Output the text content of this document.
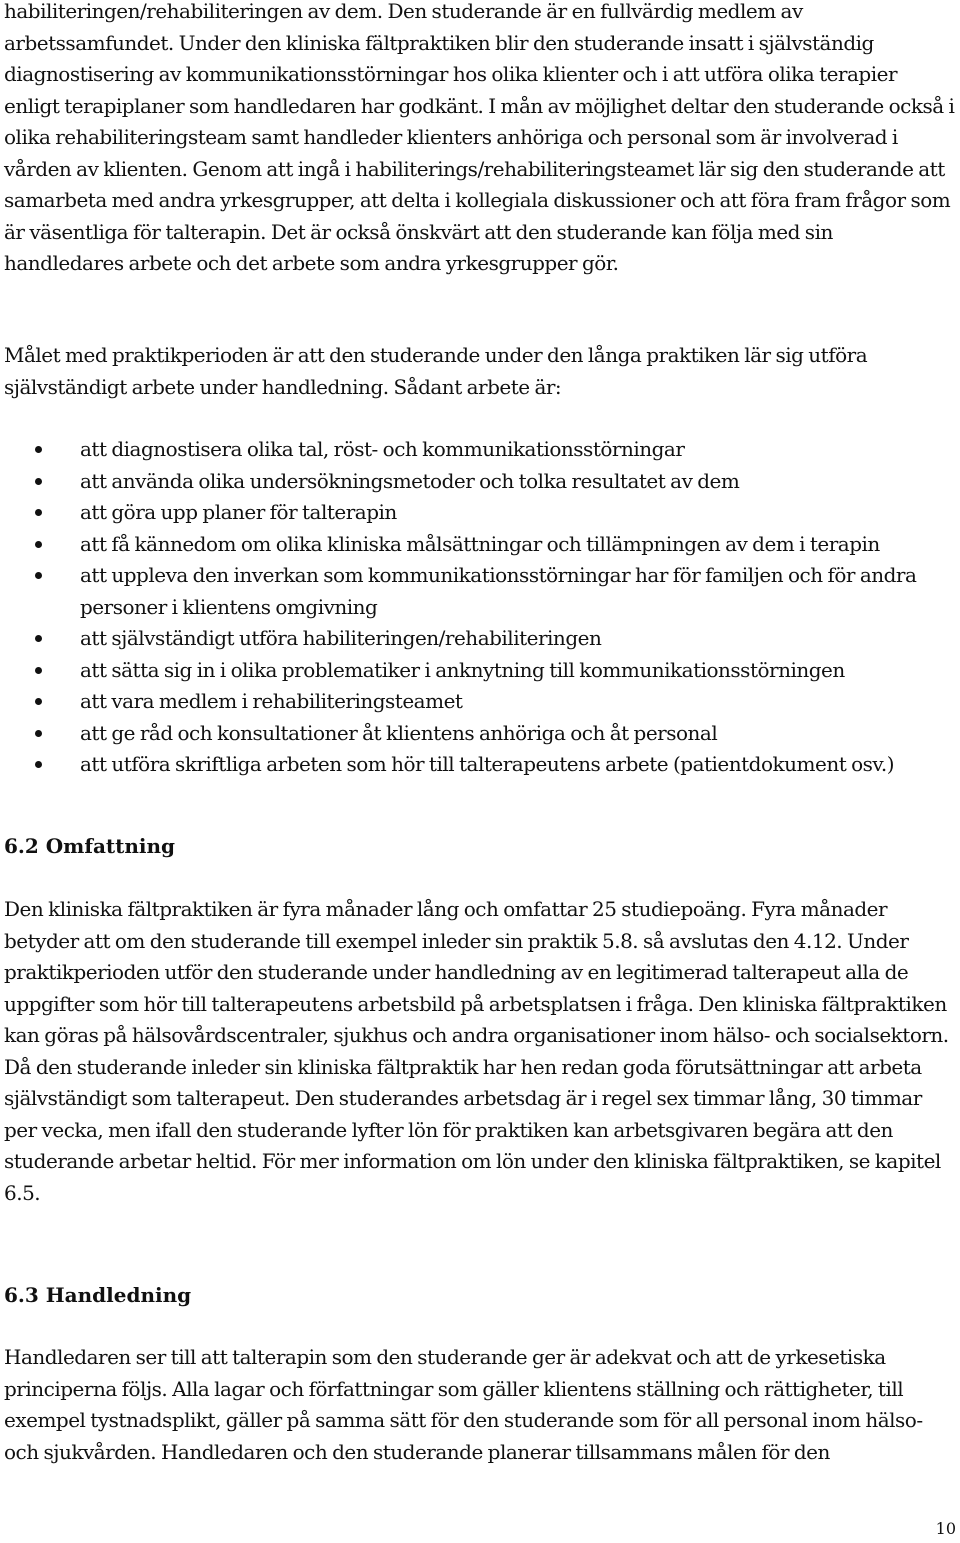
habiliteringen/rehabiliteringen av dem. Den studerande är en fullvärdig medlem av arbetssamfundet. Under den kliniska fältpraktiken blir den studerande insatt i självständig diagnostisering av kommunikationsstörningar hos olika klienter och i att utföra olika terapier enligt terapiplaner som handledaren har godkänt. I mån av möjlighet deltar den studerande också i olika rehabiliteringsteam samt handleder klienters anhöriga och personal som är involverad i vården av klienten. Genom att ingå i habiliterings/rehabiliteringsteamet lär sig den studerande att samarbeta med andra yrkesgrupper, att delta i kollegiala diskussioner och att föra fram frågor som är väsentliga för talterapin. Det är också önskvärt att den studerande kan följa med sin handledares arbete och det arbete som andra yrkesgrupper gör.

Målet med praktikperioden är att den studerande under den långa praktiken lär sig utföra självständigt arbete under handledning. Sådant arbete är:

att diagnostisera olika tal, röst- och kommunikationsstörningar
att använda olika undersökningsmetoder och tolka resultatet av dem
att göra upp planer för talterapin
att få kännedom om olika kliniska målsättningar och tillämpningen av dem i terapin
att uppleva den inverkan som kommunikationsstörningar har för familjen och för andra personer i klientens omgivning
att självständigt utföra habiliteringen/rehabiliteringen
att sätta sig in i olika problematiker i anknytning till kommunikationsstörningen
att vara medlem i rehabiliteringsteamet
att ge råd och konsultationer åt klientens anhöriga och åt personal
att utföra skriftliga arbeten som hör till talterapeutens arbete (patientdokument osv.)
6.2 Omfattning

Den kliniska fältpraktiken är fyra månader lång och omfattar 25 studiepoäng. Fyra månader betyder att om den studerande till exempel inleder sin praktik 5.8. så avslutas den 4.12. Under praktikperioden utför den studerande under handledning av en legitimerad talterapeut alla de uppgifter som hör till talterapeutens arbetsbild på arbetsplatsen i fråga. Den kliniska fältpraktiken kan göras på hälsovårdscentraler, sjukhus och andra organisationer inom hälso- och socialsektorn. Då den studerande inleder sin kliniska fältpraktik har hen redan goda förutsättningar att arbeta självständigt som talterapeut. Den studerandes arbetsdag är i regel sex timmar lång, 30 timmar per vecka, men ifall den studerande lyfter lön för praktiken kan arbetsgivaren begära att den studerande arbetar heltid. För mer information om lön under den kliniska fältpraktiken, se kapitel 6.5.

6.3 Handledning

Handledaren ser till att talterapin som den studerande ger är adekvat och att de yrkesetiska principerna följs. Alla lagar och författningar som gäller klientens ställning och rättigheter, till exempel tystnadsplikt, gäller på samma sätt för den studerande som för all personal inom hälso- och sjukvården. Handledaren och den studerande planerar tillsammans målen för den

10
